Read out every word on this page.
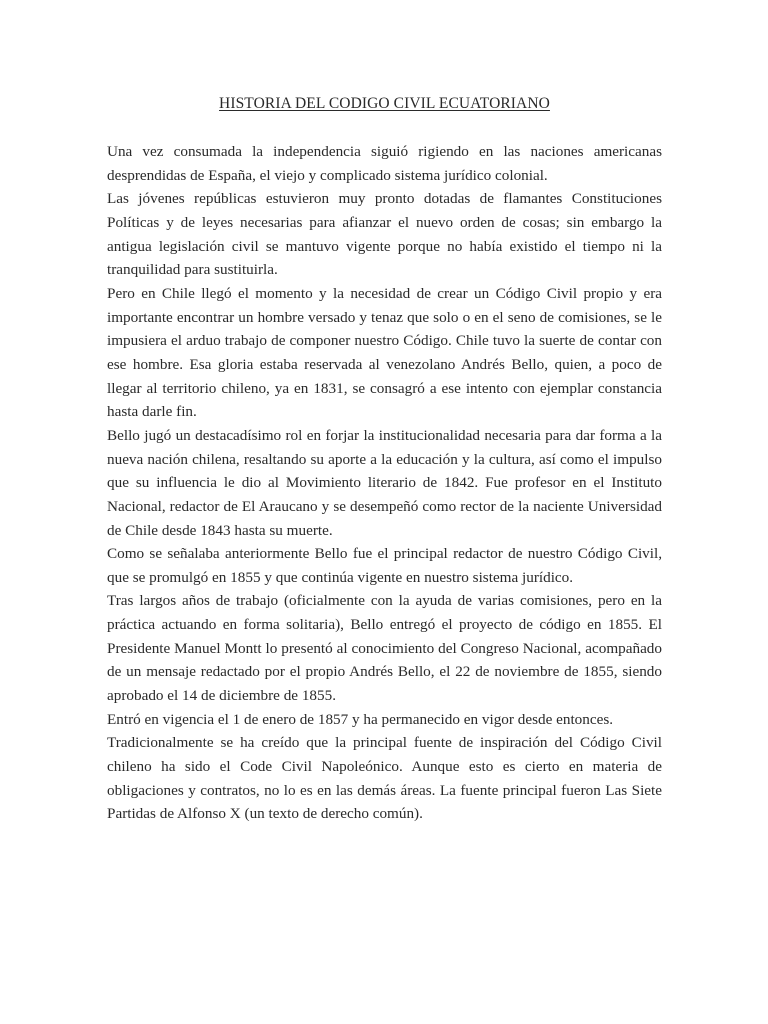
HISTORIA DEL CODIGO CIVIL ECUATORIANO

Una vez consumada la independencia siguió rigiendo en las naciones americanas desprendidas de España, el viejo y complicado sistema jurídico colonial.

Las jóvenes repúblicas estuvieron muy pronto dotadas de flamantes Constituciones Políticas y de leyes necesarias para afianzar el nuevo orden de cosas; sin embargo la antigua legislación civil se mantuvo vigente porque no había existido el tiempo ni la tranquilidad para sustituirla.

Pero en Chile llegó el momento y la necesidad de crear un Código Civil propio y era importante encontrar un hombre versado y tenaz que solo o en el seno de comisiones, se le impusiera el arduo trabajo de componer nuestro Código. Chile tuvo la suerte de contar con ese hombre. Esa gloria estaba reservada al venezolano Andrés Bello, quien, a poco de llegar al territorio chileno, ya en 1831, se consagró a ese intento con ejemplar constancia hasta darle fin.

Bello jugó un destacadísimo rol en forjar la institucionalidad necesaria para dar forma a la nueva nación chilena, resaltando su aporte a la educación y la cultura, así como el impulso que su influencia le dio al Movimiento literario de 1842. Fue profesor en el Instituto Nacional, redactor de El Araucano y se desempeñó como rector de la naciente Universidad de Chile desde 1843 hasta su muerte.

Como se señalaba anteriormente Bello fue el principal redactor de nuestro Código Civil, que se promulgó en 1855 y que continúa vigente en nuestro sistema jurídico.

Tras largos años de trabajo (oficialmente con la ayuda de varias comisiones, pero en la práctica actuando en forma solitaria), Bello entregó el proyecto de código en 1855. El Presidente Manuel Montt lo presentó al conocimiento del Congreso Nacional, acompañado de un mensaje redactado por el propio Andrés Bello, el 22 de noviembre de 1855, siendo aprobado el 14 de diciembre de 1855.

Entró en vigencia el 1 de enero de 1857 y ha permanecido en vigor desde entonces.

Tradicionalmente se ha creído que la principal fuente de inspiración del Código Civil chileno ha sido el Code Civil Napoleónico. Aunque esto es cierto en materia de obligaciones y contratos, no lo es en las demás áreas. La fuente principal fueron Las Siete Partidas de Alfonso X (un texto de derecho común).
